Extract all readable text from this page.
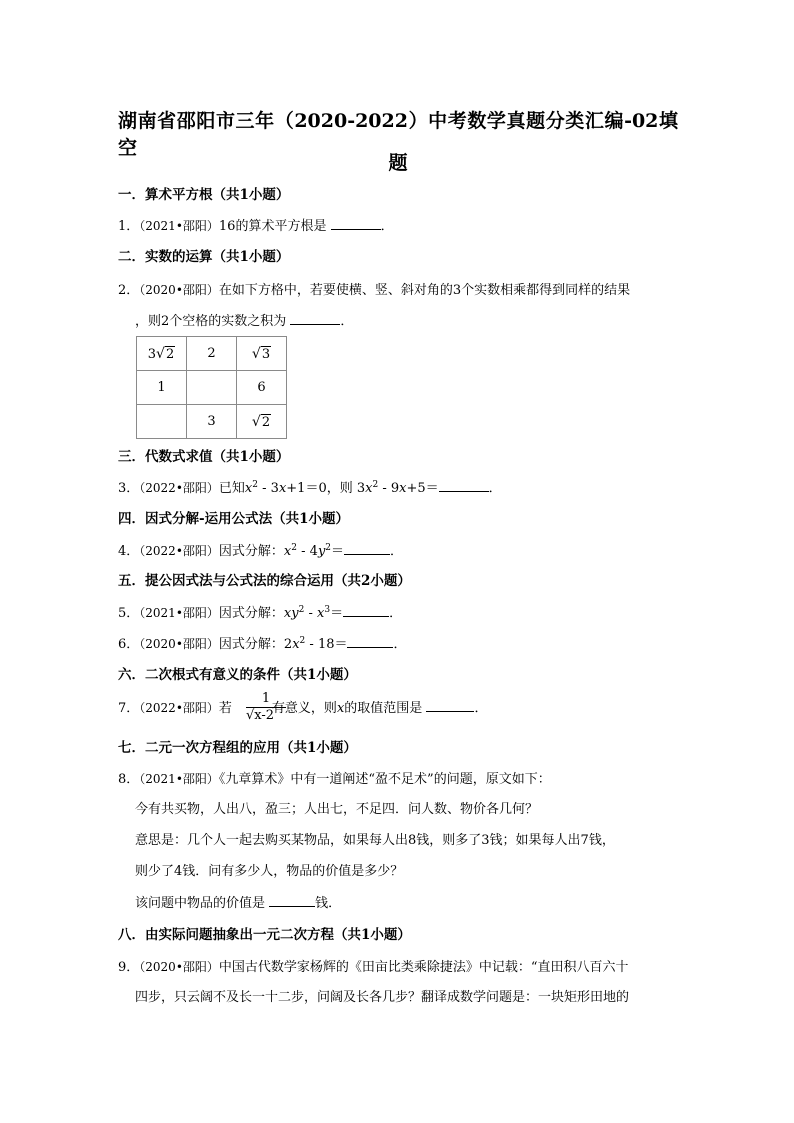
湖南省邵阳市三年（2020-2022）中考数学真题分类汇编-02填空
题
一．算术平方根（共1小题）
1．（2021•邵阳）16的算术平方根是	．
二．实数的运算（共1小题）
2．（2020•邵阳）在如下方格中，若要使横、竖、斜对角的3个实数相乘都得到同样的结果
，则2个空格的实数之积为	．
3√2	2	√3
1		6
	3	√2
三．代数式求值（共1小题）
3．（2022•邵阳）已知$x^2 - 3x+1=0$，则 $3x^2 - 9x+5=$	．
四．因式分解-运用公式法（共1小题）
4．（2022•邵阳）因式分解：$x^2 - 4y^2=$	．
五．提公因式法与公式法的综合运用（共2小题）
5．（2021•邵阳）因式分解：$xy^2 - x^3=$	．
6．（2020•邵阳）因式分解：$2x^2 - 18=$	．
六．二次根式有意义的条件（共1小题）
7．（2022•邵阳）若	有意义，则x的取值范围是	．
1
√x-2
七．二元一次方程组的应用（共1小题）
8．（2021•邵阳）《九章算术》中有一道阐述“盈不足术”的问题，原文如下：
今有共买物，人出八，盈三；人出七，不足四．问人数、物价各几何？
意思是：几个人一起去购买某物品，如果每人出8钱，则多了3钱；如果每人出7钱，
则少了4钱．问有多少人，物品的价值是多少？
该问题中物品的价值是	钱．
八．由实际问题抽象出一元二次方程（共1小题）
9．（2020•邵阳）中国古代数学家杨辉的《田亩比类乘除捷法》中记载：“直田积八百六十
四步，只云阔不及长一十二步，问阔及长各几步？翻译成数学问题是：一块矩形田地的
